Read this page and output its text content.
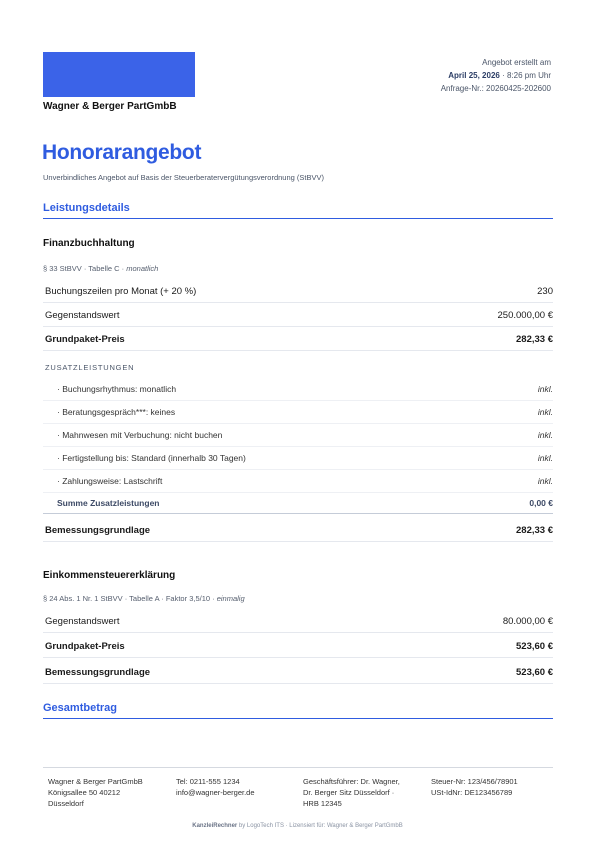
Wagner & Berger PartGmbB
Angebot erstellt am
April 25, 2026 · 8:26 pm Uhr
Anfrage-Nr.: 20260425-202600
Honorarangebot
Unverbindliches Angebot auf Basis der Steuerberatervergütungsverordnung (StBVV)
Leistungsdetails
Finanzbuchhaltung
§ 33 StBVV · Tabelle C · monatlich
Buchungszeilen pro Monat (+ 20 %)	230
Gegenstandswert	250.000,00 €
Grundpaket-Preis	282,33 €
ZUSATZLEISTUNGEN
· Buchungsrhythmus: monatlich	inkl.
· Beratungsgespräch***: keines	inkl.
· Mahnwesen mit Verbuchung: nicht buchen	inkl.
· Fertigstellung bis: Standard (innerhalb 30 Tagen)	inkl.
· Zahlungsweise: Lastschrift	inkl.
Summe Zusatzleistungen	0,00 €
Bemessungsgrundlage	282,33 €
Einkommensteuererklärung
§ 24 Abs. 1 Nr. 1 StBVV · Tabelle A · Faktor 3,5/10 · einmalig
Gegenstandswert	80.000,00 €
Grundpaket-Preis	523,60 €
Bemessungsgrundlage	523,60 €
Gesamtbetrag
Wagner & Berger PartGmbB
Königsallee 50 40212
Düsseldorf
Tel: 0211-555 1234
info@wagner-berger.de
Geschäftsführer: Dr. Wagner,
Dr. Berger Sitz Düsseldorf ·
HRB 12345
Steuer-Nr: 123/456/78901
USt-IdNr: DE123456789
KanzleiRechner by LogoTech ITS · Lizensiert für: Wagner & Berger PartGmbB
